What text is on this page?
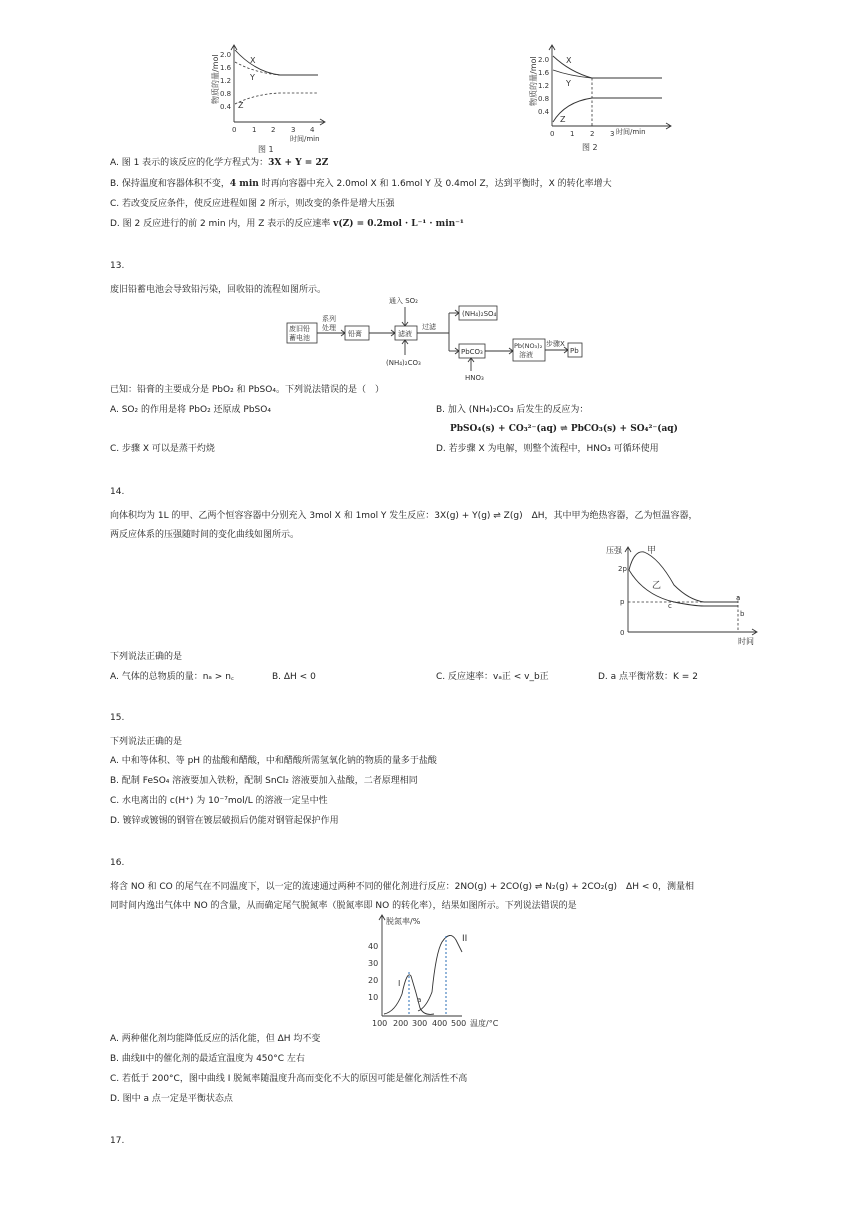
物质的量/mol 2.0
1.6
1.2
0.8
0.4
X
Y
Z
0 1 2 3 4
时间/min
图 1
物质的量/mol 2.0
1.6
1.2
0.8
0.4
X
Y
Z
0 1 2 3 时间/min
图 2
A. 图 1 表示的该反应的化学方程式为：3X + Y = 2Z
B. 保持温度和容器体积不变，4 min 时再向容器中充入 2.0mol X 和 1.6mol Y 及 0.4mol Z，达到平衡时，X 的转化率增大
C. 若改变反应条件，使反应进程如图 2 所示，则改变的条件是增大压强
D. 图 2 反应进行的前 2 min 内，用 Z 表示的反应速率 v(Z) = 0.2mol · L⁻¹ · min⁻¹
13.
废旧铅蓄电池会导致铅污染，回收铅的流程如图所示。
废旧铅
蓄电池
系列
处理
铅膏
通入 SO₂
滤液
(NH₄)₂CO₃
过滤
(NH₄)₂SO₄
PbCO₃
HNO₃
Pb(NO₃)₂
溶液
步骤X
Pb
已知：铅膏的主要成分是 PbO₂ 和 PbSO₄。下列说法错误的是（　）
A. SO₂ 的作用是将 PbO₂ 还原成 PbSO₄	B. 加入 (NH₄)₂CO₃ 后发生的反应为：
PbSO₄(s) + CO₃²⁻(aq) ⇌ PbCO₃(s) + SO₄²⁻(aq)
C. 步骤 X 可以是蒸干灼烧	D. 若步骤 X 为电解，则整个流程中，HNO₃ 可循环使用
14.
向体积均为 1L 的甲、乙两个恒容容器中分别充入 3mol X 和 1mol Y 发生反应：3X(g) + Y(g) ⇌ Z(g)　ΔH，其中甲为绝热容器，乙为恒温容器，
两反应体系的压强随时间的变化曲线如图所示。
压强
时间
2p
p
0
甲
乙
a
c
b
下列说法正确的是
A. 气体的总物质的量：nₐ > n꜀	B. ΔH < 0	C. 反应速率：vₐ正 < v_b正	D. a 点平衡常数：K = 2
15.
下列说法正确的是
A. 中和等体积、等 pH 的盐酸和醋酸，中和醋酸所需氢氧化钠的物质的量多于盐酸
B. 配制 FeSO₄ 溶液要加入铁粉，配制 SnCl₂ 溶液要加入盐酸，二者原理相同
C. 水电离出的 c(H⁺) 为 10⁻⁷mol/L 的溶液一定呈中性
D. 镀锌或镀锡的钢管在镀层破损后仍能对钢管起保护作用
16.
将含 NO 和 CO 的尾气在不同温度下，以一定的流速通过两种不同的催化剂进行反应：2NO(g) + 2CO(g) ⇌ N₂(g) + 2CO₂(g)　ΔH < 0，测量相
同时间内逸出气体中 NO 的含量，从而确定尾气脱氮率（脱氮率即 NO 的转化率），结果如图所示。下列说法错误的是
脱氮率/%
40
30
20
10
I
II
a
100 200 300 400 500 温度/°C
A. 两种催化剂均能降低反应的活化能，但 ΔH 均不变
B. 曲线II中的催化剂的最适宜温度为 450°C 左右
C. 若低于 200°C，图中曲线 I 脱氮率随温度升高而变化不大的原因可能是催化剂活性不高
D. 图中 a 点一定是平衡状态点
17.
